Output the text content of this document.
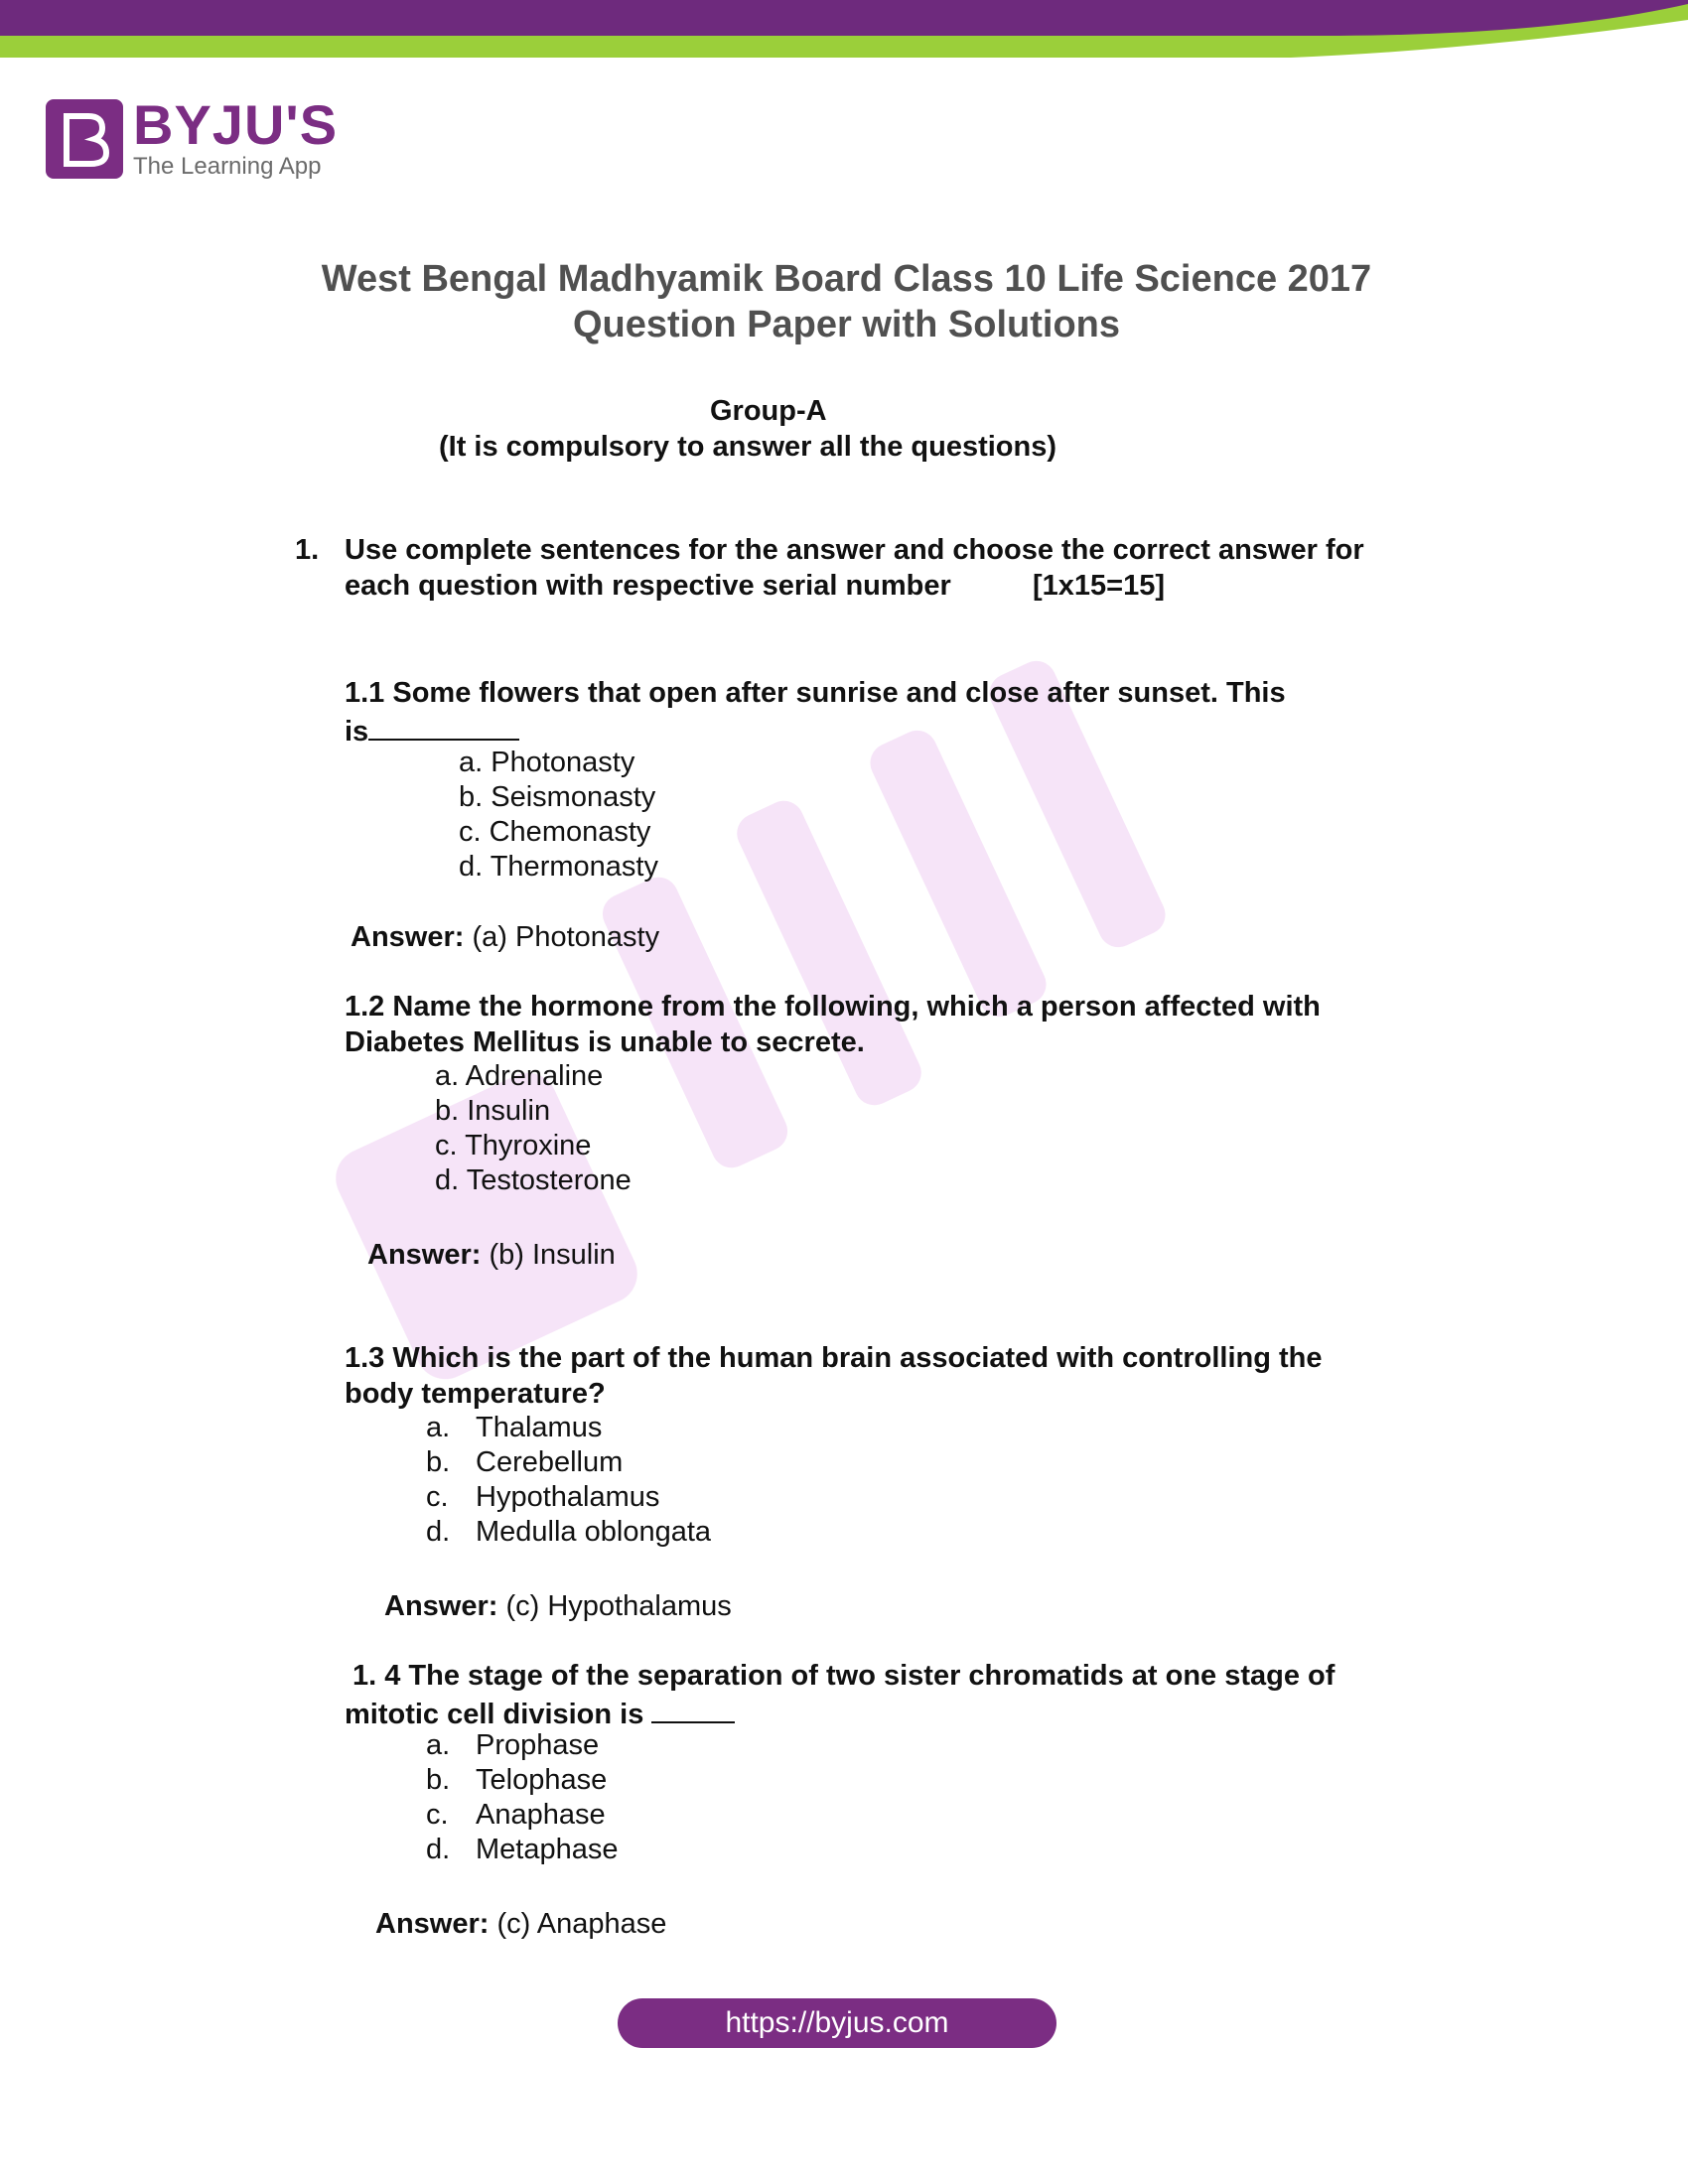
BYJU'S
The Learning App
West Bengal Madhyamik Board Class 10 Life Science 2017
Question Paper with Solutions
Group-A
(It is compulsory to answer all the questions)
1. Use complete sentences for the answer and choose the correct answer for
each question with respective serial number	[1x15=15]
1.1 Some flowers that open after sunrise and close after sunset. This
is
a. Photonasty
b. Seismonasty
c. Chemonasty
d. Thermonasty
Answer: (a) Photonasty
1.2 Name the hormone from the following, which a person affected with
Diabetes Mellitus is unable to secrete.
a. Adrenaline
b. Insulin
c. Thyroxine
d. Testosterone
Answer: (b) Insulin
1.3 Which is the part of the human brain associated with controlling the
body temperature?
a. Thalamus
b. Cerebellum
c. Hypothalamus
d. Medulla oblongata
Answer: (c) Hypothalamus
1. 4 The stage of the separation of two sister chromatids at one stage of
mitotic cell division is
a. Prophase
b. Telophase
c. Anaphase
d. Metaphase
Answer: (c) Anaphase
https://byjus.com
